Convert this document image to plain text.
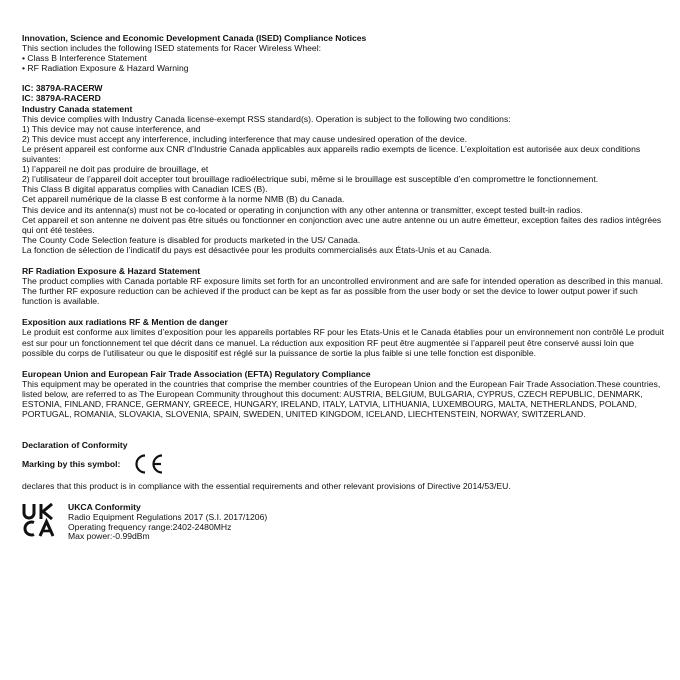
Innovation, Science and Economic Development Canada (ISED) Compliance Notices

This section includes the following ISED statements for Racer Wireless Wheel:

• Class B Interference Statement

• RF Radiation Exposure & Hazard Warning

IC: 3879A-RACERW
IC: 3879A-RACERD
Industry Canada statement

This device complies with Industry Canada license-exempt RSS standard(s). Operation is subject to the following two conditions:

1) This device may not cause interference, and

2) This device must accept any interference, including interference that may cause undesired operation of the device.

Le présent appareil est conforme aux CNR d’Industrie Canada applicables aux appareils radio exempts de licence. L’exploitation est autorisée aux deux conditions suivantes:

1) l’appareil ne doit pas produire de brouillage, et

2) l’utilisateur de l’appareil doit accepter tout brouillage radioélectrique subi, même si le brouillage est susceptible d’en compromettre le fonctionnement.

This Class B digital apparatus complies with Canadian ICES (B).

Cet appareil numérique de la classe B est conforme à la norme NMB (B) du Canada.

This device and its antenna(s) must not be co-located or operating in conjunction with any other antenna or transmitter, except tested built-in radios.

Cet appareil et son antenne ne doivent pas être situés ou fonctionner en conjonction avec une autre antenne ou un autre émetteur, exception faites des radios intégrées qui ont été testées.

The County Code Selection feature is disabled for products marketed in the US/ Canada.

La fonction de sélection de l’indicatif du pays est désactivée pour les produits commercialisés aux États-Unis et au Canada.

RF Radiation Exposure & Hazard Statement

The product complies with Canada portable RF exposure limits set forth for an uncontrolled environment and are safe for intended operation as described in this manual. The further RF exposure reduction can be achieved if the product can be kept as far as possible from the user body or set the device to lower output power if such function is available.

Exposition aux radiations RF & Mention de danger

Le produit est conforme aux limites d’exposition pour les appareils portables RF pour les Etats-Unis et le Canada établies pour un environnement non contrôlé Le produit est sur pour un fonctionnement tel que décrit dans ce manuel. La réduction aux exposition RF peut être augmentée si l’appareil peut être conservé aussi loin que possible du corps de l’utilisateur ou que le dispositif est réglé sur la puissance de sortie la plus faible si une telle fonction est disponible.

European Union and European Fair Trade Association (EFTA) Regulatory Compliance

This equipment may be operated in the countries that comprise the member countries of the European Union and the European Fair Trade Association.These countries, listed below, are referred to as The European Community throughout this document: AUSTRIA, BELGIUM, BULGARIA, CYPRUS, CZECH REPUBLIC, DENMARK, ESTONIA, FINLAND, FRANCE, GERMANY, GREECE, HUNGARY, IRELAND, ITALY, LATVIA, LITHUANIA, LUXEMBOURG, MALTA, NETHERLANDS, POLAND, PORTUGAL, ROMANIA, SLOVAKIA, SLOVENIA, SPAIN, SWEDEN, UNITED KINGDOM, ICELAND, LIECHTENSTEIN, NORWAY, SWITZERLAND.

Declaration of Conformity
Marking by this symbol:

declares that this product is in compliance with the essential requirements and other relevant provisions of Directive 2014/53/EU.

UKCA Conformity

Radio Equipment Regulations 2017 (S.I. 2017/1206)

Operating frequency range:2402-2480MHz

Max power:-0.99dBm
